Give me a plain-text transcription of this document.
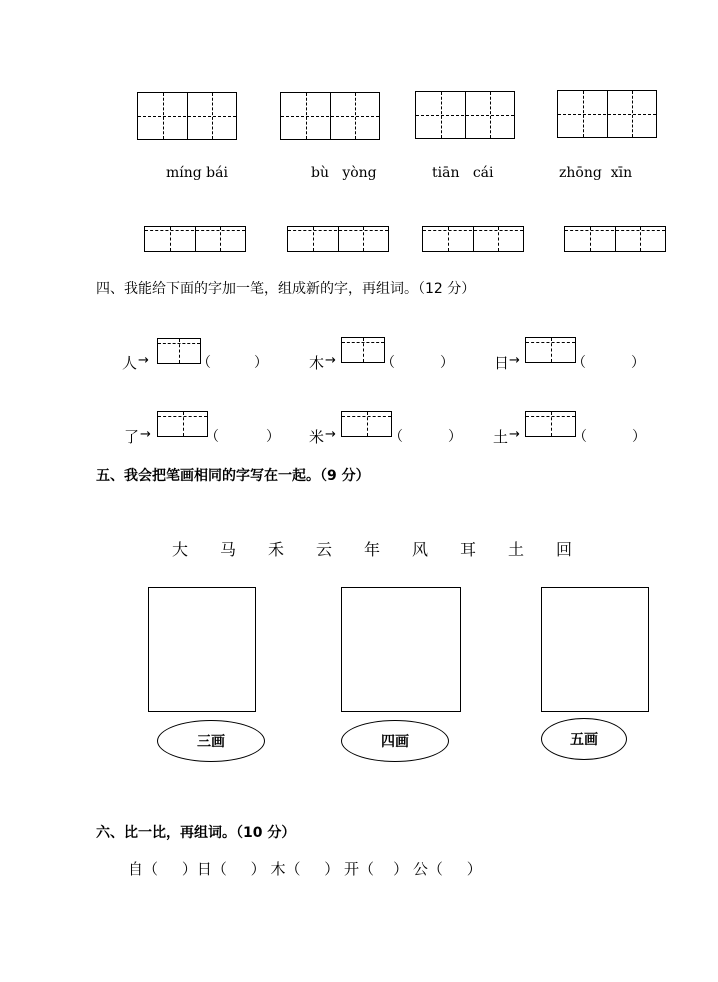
míng bái	bù   yòng	tiān   cái	zhōng  xīn
四、我能给下面的字加一笔，组成新的字，再组词。（12 分）
人 →	（	）	木 →	（	）	日 →	（	）
了 →	（	） 米 →	（	） 土 →	（	）
五、我会把笔画相同的字写在一起。（9 分）
大 马 禾 云 年 风 耳 土 回
三画	四画	五画
六、比一比，再组词。（10 分）
自（     ）日（     ） 木（     ） 开（    ） 公（     ）
